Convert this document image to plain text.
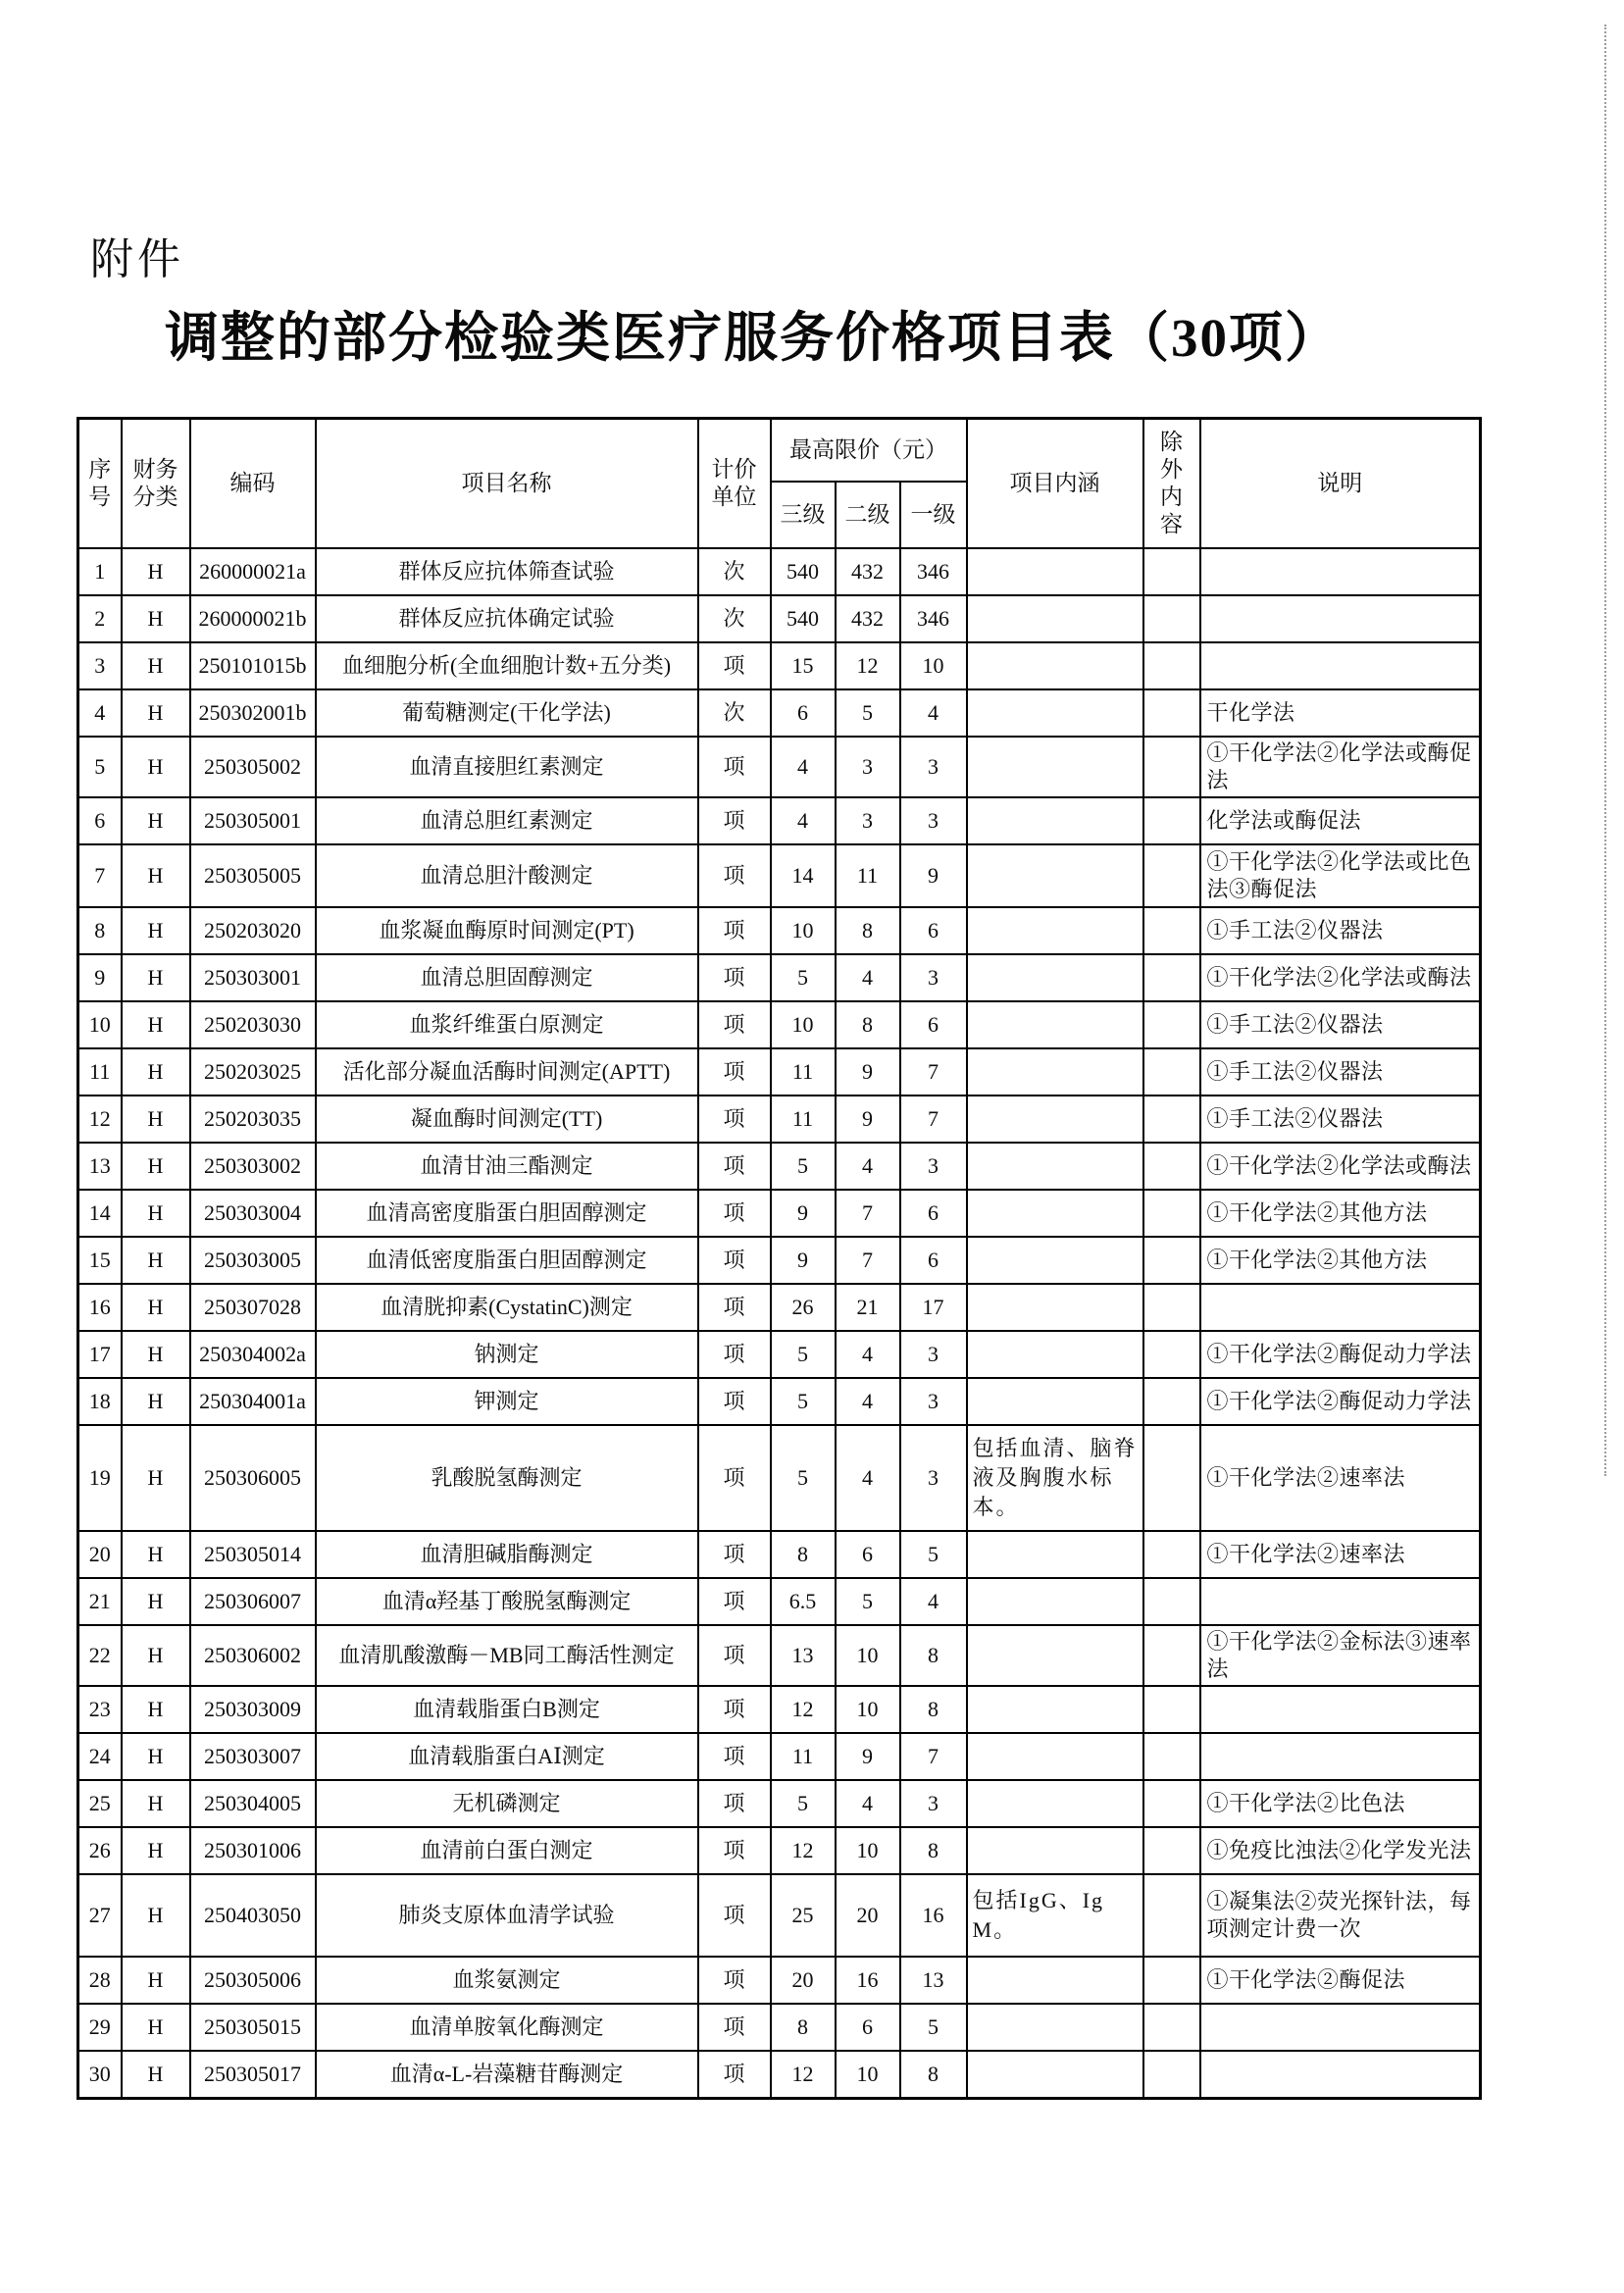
附件
调整的部分检验类医疗服务价格项目表（30项）
序号	财务分类	编码	项目名称	计价单位	最高限价（元）			项目内涵	除外内容	说明
					三级	二级	一级			
1	H	260000021a	群体反应抗体筛查试验	次	540	432	346			
2	H	260000021b	群体反应抗体确定试验	次	540	432	346			
3	H	250101015b	血细胞分析(全血细胞计数+五分类)	项	15	12	10			
4	H	250302001b	葡萄糖测定(干化学法)	次	6	5	4			干化学法
5	H	250305002	血清直接胆红素测定	项	4	3	3			①干化学法②化学法或酶促法
6	H	250305001	血清总胆红素测定	项	4	3	3			化学法或酶促法
7	H	250305005	血清总胆汁酸测定	项	14	11	9			①干化学法②化学法或比色法③酶促法
8	H	250203020	血浆凝血酶原时间测定(PT)	项	10	8	6			①手工法②仪器法
9	H	250303001	血清总胆固醇测定	项	5	4	3			①干化学法②化学法或酶法
10	H	250203030	血浆纤维蛋白原测定	项	10	8	6			①手工法②仪器法
11	H	250203025	活化部分凝血活酶时间测定(APTT)	项	11	9	7			①手工法②仪器法
12	H	250203035	凝血酶时间测定(TT)	项	11	9	7			①手工法②仪器法
13	H	250303002	血清甘油三酯测定	项	5	4	3			①干化学法②化学法或酶法
14	H	250303004	血清高密度脂蛋白胆固醇测定	项	9	7	6			①干化学法②其他方法
15	H	250303005	血清低密度脂蛋白胆固醇测定	项	9	7	6			①干化学法②其他方法
16	H	250307028	血清胱抑素(CystatinC)测定	项	26	21	17			
17	H	250304002a	钠测定	项	5	4	3			①干化学法②酶促动力学法
18	H	250304001a	钾测定	项	5	4	3			①干化学法②酶促动力学法
19	H	250306005	乳酸脱氢酶测定	项	5	4	3	包括血清、脑脊液及胸腹水标本。		①干化学法②速率法
20	H	250305014	血清胆碱脂酶测定	项	8	6	5			①干化学法②速率法
21	H	250306007	血清α羟基丁酸脱氢酶测定	项	6.5	5	4			
22	H	250306002	血清肌酸激酶－MB同工酶活性测定	项	13	10	8			①干化学法②金标法③速率法
23	H	250303009	血清载脂蛋白B测定	项	12	10	8			
24	H	250303007	血清载脂蛋白AⅠ测定	项	11	9	7			
25	H	250304005	无机磷测定	项	5	4	3			①干化学法②比色法
26	H	250301006	血清前白蛋白测定	项	12	10	8			①免疫比浊法②化学发光法
27	H	250403050	肺炎支原体血清学试验	项	25	20	16	包括IgG、IgM。		①凝集法②荧光探针法，每项测定计费一次
28	H	250305006	血浆氨测定	项	20	16	13			①干化学法②酶促法
29	H	250305015	血清单胺氧化酶测定	项	8	6	5			
30	H	250305017	血清α-L-岩藻糖苷酶测定	项	12	10	8			
